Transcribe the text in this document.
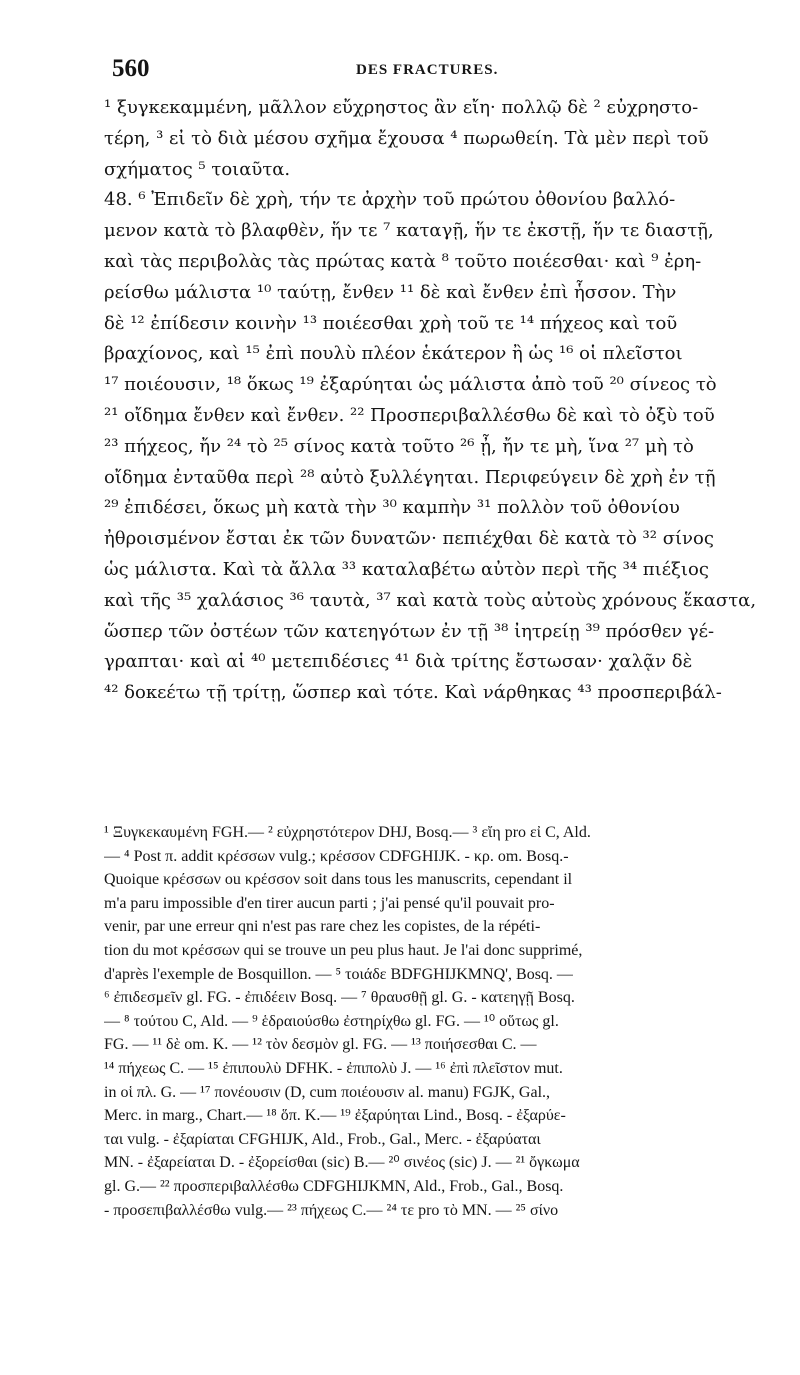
560	DES FRACTURES.
¹ ξυγκεκαμμένη, μᾶλλον εὔχρηστος ἂν εἴη· πολλῷ δὲ ² εὐχρηστο-
τέρη, ³ εἰ τὸ διὰ μέσου σχῆμα ἔχουσα ⁴ πωρωθείη. Τὰ μὲν περὶ τοῦ
σχήματος ⁵ τοιαῦτα.
48. ⁶ Ἐπιδεῖν δὲ χρὴ, τήν τε ἀρχὴν τοῦ πρώτου ὀθονίου βαλλό-
μενον κατὰ τὸ βλαφθὲν, ἥν τε ⁷ καταγῇ, ἥν τε ἐκστῇ, ἥν τε διαστῇ,
καὶ τὰς περιβολὰς τὰς πρώτας κατὰ ⁸ τοῦτο ποιέεσθαι· καὶ ⁹ ἐρη-
ρείσθω μάλιστα ¹⁰ ταύτῃ, ἔνθεν ¹¹ δὲ καὶ ἔνθεν ἐπὶ ἧσσον. Τὴν
δὲ ¹² ἐπίδεσιν κοινὴν ¹³ ποιέεσθαι χρὴ τοῦ τε ¹⁴ πήχεος καὶ τοῦ
βραχίονος, καὶ ¹⁵ ἐπὶ πουλὺ πλέον ἑκάτερον ἢ ὡς ¹⁶ οἱ πλεῖστοι
¹⁷ ποιέουσιν, ¹⁸ ὅκως ¹⁹ ἐξαρύηται ὡς μάλιστα ἀπὸ τοῦ ²⁰ σίνεος τὸ
²¹ οἴδημα ἔνθεν καὶ ἔνθεν. ²² Προσπεριβαλλέσθω δὲ καὶ τὸ ὀξὺ τοῦ
²³ πήχεος, ἤν ²⁴ τὸ ²⁵ σίνος κατὰ τοῦτο ²⁶ ᾖ, ἤν τε μὴ, ἵνα ²⁷ μὴ τὸ
οἴδημα ἐνταῦθα περὶ ²⁸ αὐτὸ ξυλλέγηται. Περιφεύγειν δὲ χρὴ ἐν τῇ
²⁹ ἐπιδέσει, ὅκως μὴ κατὰ τὴν ³⁰ καμπὴν ³¹ πολλὸν τοῦ ὀθονίου
ἠθροισμένον ἔσται ἐκ τῶν δυνατῶν· πεπιέχθαι δὲ κατὰ τὸ ³² σίνος
ὡς μάλιστα. Καὶ τὰ ἄλλα ³³ καταλαβέτω αὐτὸν περὶ τῆς ³⁴ πιέξιος
καὶ τῆς ³⁵ χαλάσιος ³⁶ ταυτὰ, ³⁷ καὶ κατὰ τοὺς αὐτοὺς χρόνους ἕκαστα,
ὥσπερ τῶν ὀστέων τῶν κατεηγότων ἐν τῇ ³⁸ ἰητρείῃ ³⁹ πρόσθεν γέ-
γραπται· καὶ αἱ ⁴⁰ μετεπιδέσιες ⁴¹ διὰ τρίτης ἔστωσαν· χαλᾷν δὲ
⁴² δοκεέτω τῇ τρίτῃ, ὥσπερ καὶ τότε. Καὶ νάρθηκας ⁴³ προσπεριβάλ-
¹ Ξυγκεκαυμένη FGH.— ² εὐχρηστότερον DHJ, Bosq.— ³ εἴη pro εἰ C, Ald.
— ⁴ Post π. addit κρέσσων vulg.; κρέσσον CDFGHIJK. - κρ. om. Bosq.-
Quoique κρέσσων ou κρέσσον soit dans tous les manuscrits, cependant il
m'a paru impossible d'en tirer aucun parti ; j'ai pensé qu'il pouvait pro-
venir, par une erreur qni n'est pas rare chez les copistes, de la répéti-
tion du mot κρέσσων qui se trouve un peu plus haut. Je l'ai donc supprimé,
d'après l'exemple de Bosquillon. — ⁵ τοιάδε BDFGHIJKMNQ', Bosq. —
⁶ ἐπιδεσμεῖν gl. FG. - ἐπιδέειν Bosq. — ⁷ θραυσθῇ gl. G. - κατεηγῇ Bosq.
— ⁸ τούτου C, Ald. — ⁹ ἑδραιούσθω ἐστηρίχθω gl. FG. — ¹⁰ οὕτως gl.
FG. — ¹¹ δὲ om. K. — ¹² τὸν δεσμὸν gl. FG. — ¹³ ποιήσεσθαι C. —
¹⁴ πήχεως C. — ¹⁵ ἐπιπουλὺ DFHK. - ἐπιπολὺ J. — ¹⁶ ἐπὶ πλεῖστον mut.
in οἱ πλ. G. — ¹⁷ πονέουσιν (D, cum ποιέουσιν al. manu) FGJK, Gal.,
Merc. in marg., Chart.— ¹⁸ ὅπ. K.— ¹⁹ ἐξαρύηται Lind., Bosq. - ἐξαρύε-
ται vulg. - ἐξαρίαται CFGHIJK, Ald., Frob., Gal., Merc. - ἐξαρύαται
MN. - ἐξαρείαται D. - ἐξορείσθαι (sic) B.— ²⁰ σινέος (sic) J. — ²¹ ὄγκωμα
gl. G.— ²² προσπεριβαλλέσθω CDFGHIJKMN, Ald., Frob., Gal., Bosq.
- προσεπιβαλλέσθω vulg.— ²³ πήχεως C.— ²⁴ τε pro τὸ MN. — ²⁵ σίνο
